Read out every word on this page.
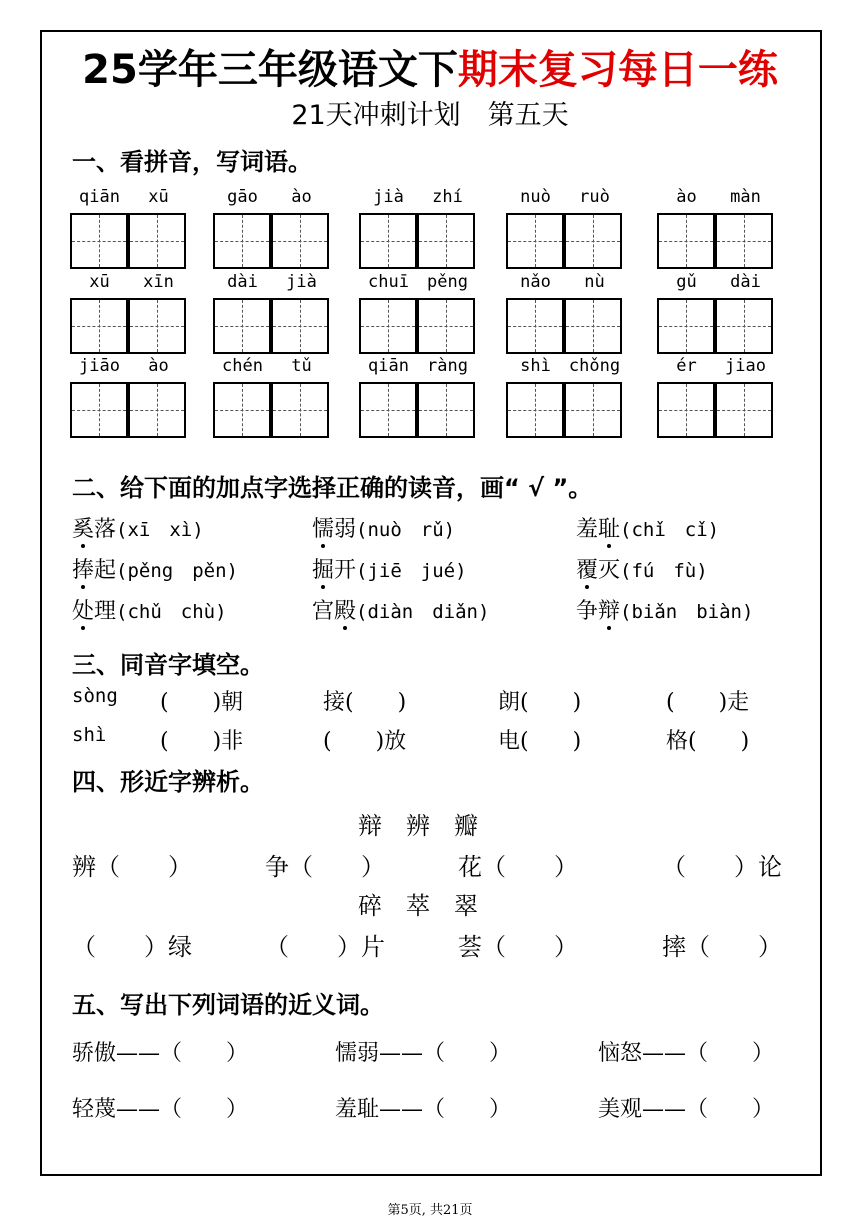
25学年三年级语文下期末复习每日一练
21天冲刺计划　第五天
一、看拼音，写词语。
qiān	xū	gāo	ào	jià	zhí	nuò	ruò	ào	màn
xū	xīn	dài	jià	chuī	pěng	nǎo	nù	gǔ	dài
jiāo	ào	chén	tǔ	qiān	ràng	shì	chǒng	ér	jiao
二、给下面的加点字选择正确的读音，画“ √ ”。
奚落(xī　xì)	懦弱(nuò　rǔ)	羞耻(chǐ　cǐ)
捧起(pěng　pěn)	掘开(jiē　jué)	覆灭(fú　fù)
处理(chǔ　chù)	宫殿(diàn　diǎn)	争辩(biǎn　biàn)
三、同音字填空。
sòng (　　)朝	接(　　)	朗(　　)	(　　)走
shì (　　)非	(　　)放	电(　　)	格(　　)
四、形近字辨析。
辩　辨　瓣
碎　萃　翠
辨（　　）	争（　　）	花（　　）	（　　）论
（　　）绿	（　　）片	荟（　　）	摔（　　）
五、写出下列词语的近义词。
骄傲——（　　）	懦弱——（　　）	恼怒——（　　）
轻蔑——（　　）	羞耻——（　　）	美观——（　　）
第5页, 共21页
